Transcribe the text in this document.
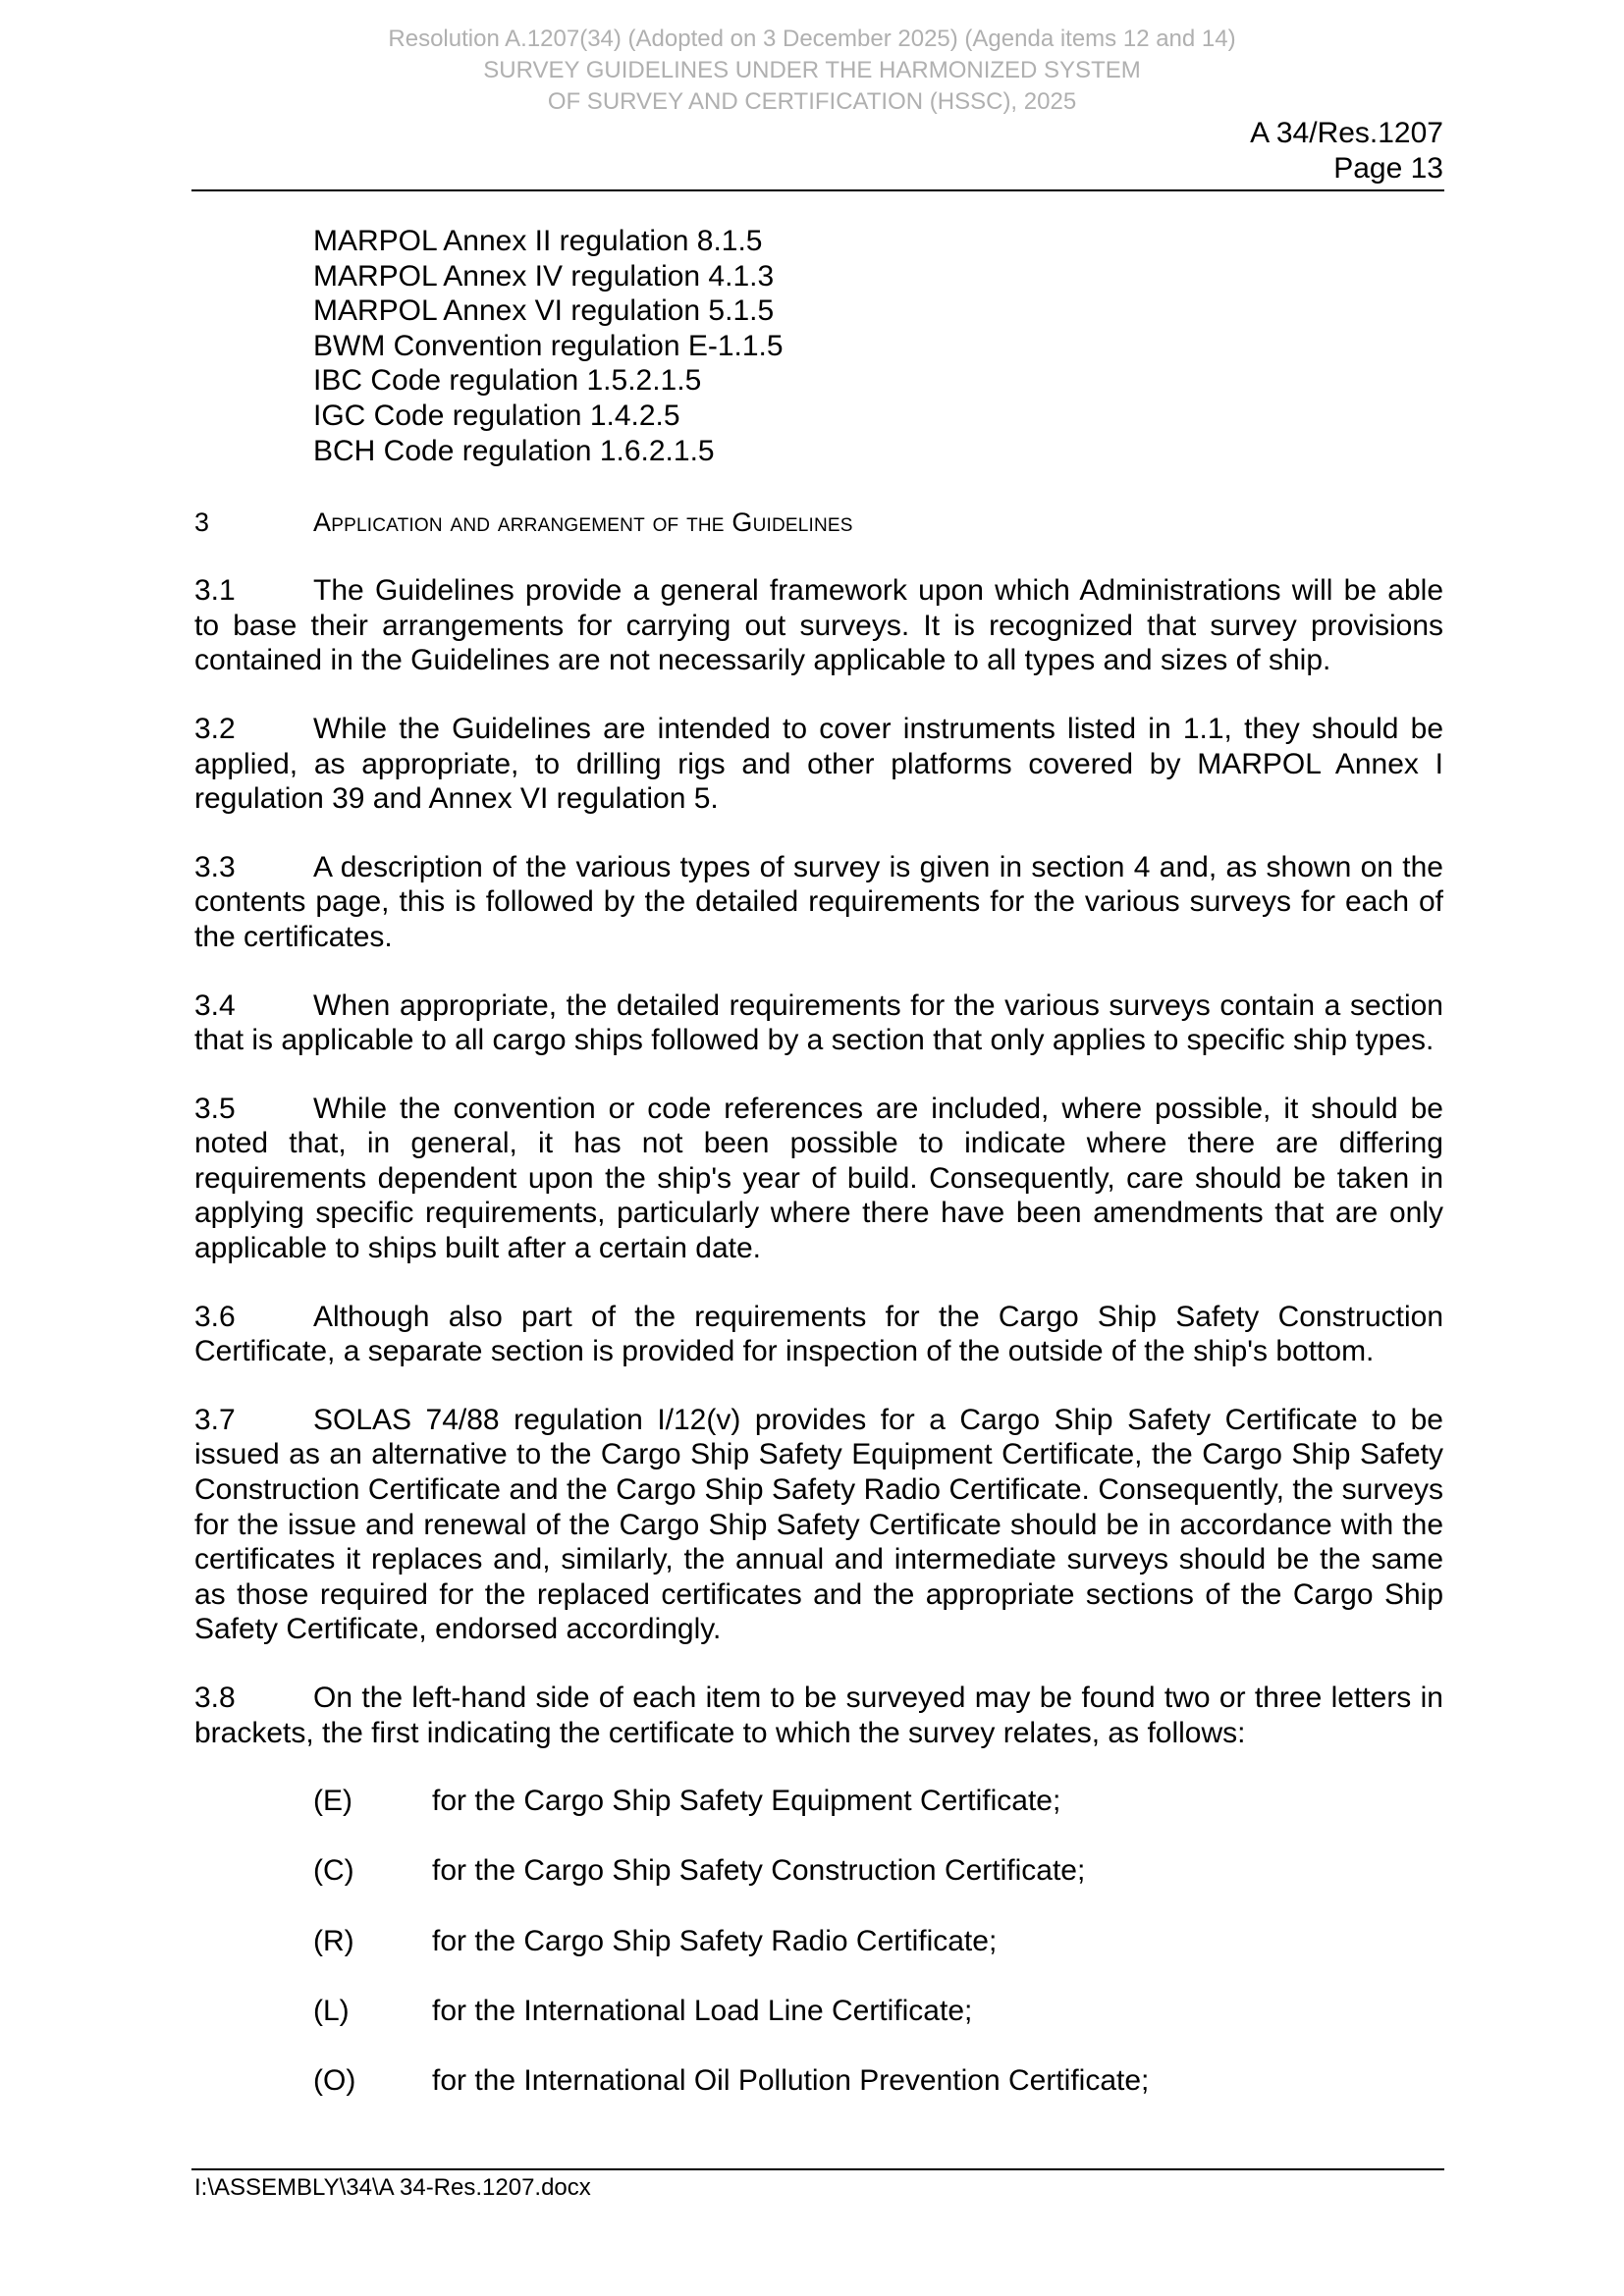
Resolution A.1207(34) (Adopted on 3 December 2025) (Agenda items 12 and 14)
SURVEY GUIDELINES UNDER THE HARMONIZED SYSTEM
OF SURVEY AND CERTIFICATION (HSSC), 2025
A 34/Res.1207
Page 13
MARPOL Annex II regulation 8.1.5
MARPOL Annex IV regulation 4.1.3
MARPOL Annex VI regulation 5.1.5
BWM Convention regulation E-1.1.5
IBC Code regulation 1.5.2.1.5
IGC Code regulation 1.4.2.5
BCH Code regulation 1.6.2.1.5
3	Application and arrangement of the Guidelines
3.1	The Guidelines provide a general framework upon which Administrations will be able to base their arrangements for carrying out surveys. It is recognized that survey provisions contained in the Guidelines are not necessarily applicable to all types and sizes of ship.
3.2	While the Guidelines are intended to cover instruments listed in 1.1, they should be applied, as appropriate, to drilling rigs and other platforms covered by MARPOL Annex I regulation 39 and Annex VI regulation 5.
3.3	A description of the various types of survey is given in section 4 and, as shown on the contents page, this is followed by the detailed requirements for the various surveys for each of the certificates.
3.4	When appropriate, the detailed requirements for the various surveys contain a section that is applicable to all cargo ships followed by a section that only applies to specific ship types.
3.5	While the convention or code references are included, where possible, it should be noted that, in general, it has not been possible to indicate where there are differing requirements dependent upon the ship's year of build. Consequently, care should be taken in applying specific requirements, particularly where there have been amendments that are only applicable to ships built after a certain date.
3.6	Although also part of the requirements for the Cargo Ship Safety Construction Certificate, a separate section is provided for inspection of the outside of the ship's bottom.
3.7	SOLAS 74/88 regulation I/12(v) provides for a Cargo Ship Safety Certificate to be issued as an alternative to the Cargo Ship Safety Equipment Certificate, the Cargo Ship Safety Construction Certificate and the Cargo Ship Safety Radio Certificate. Consequently, the surveys for the issue and renewal of the Cargo Ship Safety Certificate should be in accordance with the certificates it replaces and, similarly, the annual and intermediate surveys should be the same as those required for the replaced certificates and the appropriate sections of the Cargo Ship Safety Certificate, endorsed accordingly.
3.8	On the left-hand side of each item to be surveyed may be found two or three letters in brackets, the first indicating the certificate to which the survey relates, as follows:
(E)	for the Cargo Ship Safety Equipment Certificate;
(C)	for the Cargo Ship Safety Construction Certificate;
(R)	for the Cargo Ship Safety Radio Certificate;
(L)	for the International Load Line Certificate;
(O)	for the International Oil Pollution Prevention Certificate;
I:\ASSEMBLY\34\A 34-Res.1207.docx
